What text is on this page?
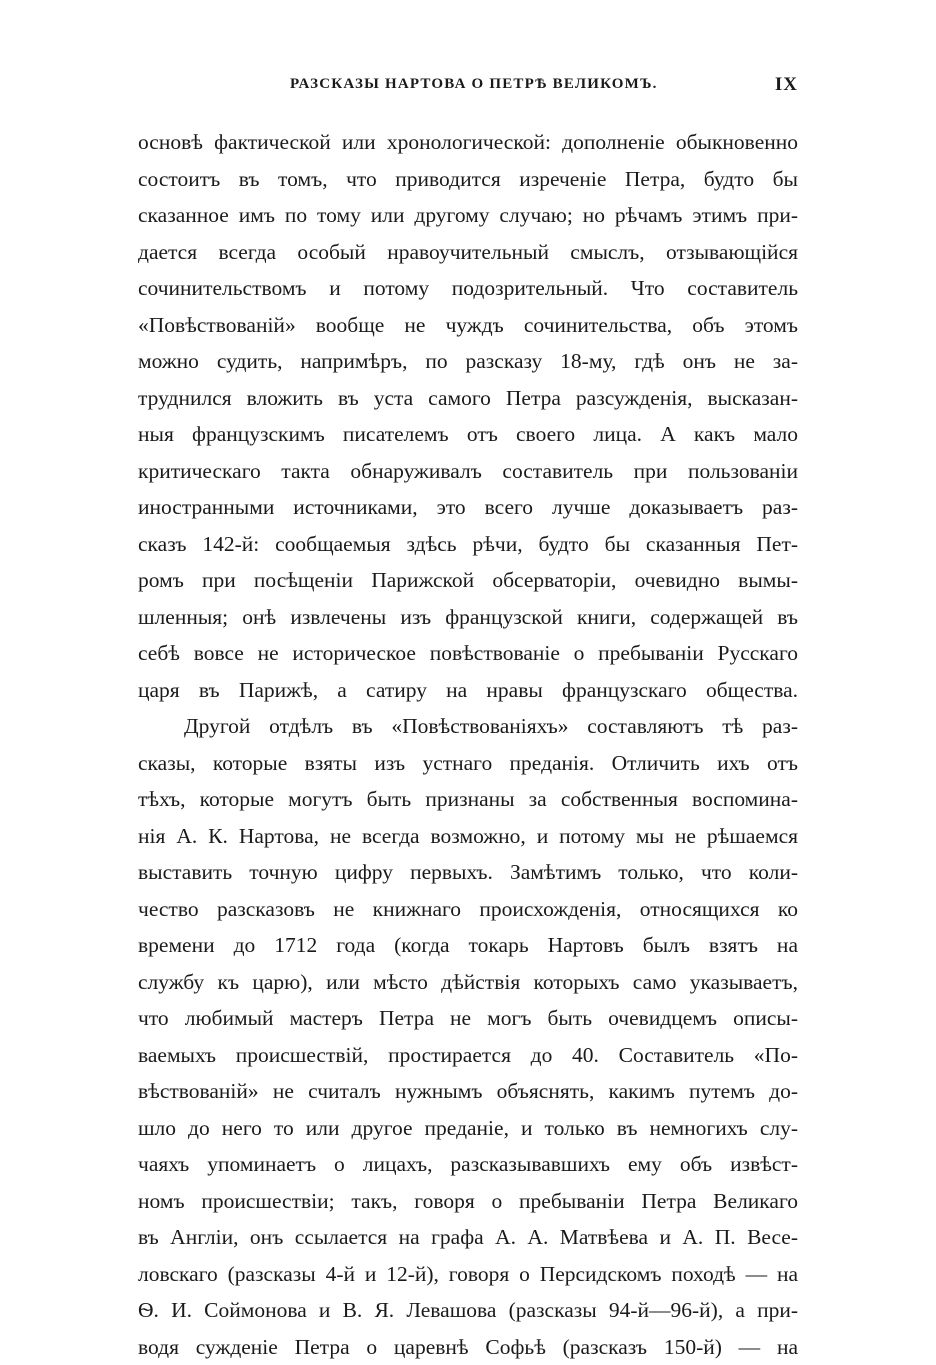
РАЗСКАЗЫ НАРТОВА О ПЕТРѢ ВЕЛИКОМЪ.	IX
основѣ фактической или хронологической: дополненіе обыкновенно
состоитъ въ томъ, что приводится изреченіе Петра, будто бы
сказанное имъ по тому или другому случаю; но рѣчамъ этимъ при-
дается всегда особый нравоучительный смыслъ, отзывающійся
сочинительствомъ и потому подозрительный. Что составитель
«Повѣствованій» вообще не чуждъ сочинительства, объ этомъ
можно судить, напримѣръ, по разсказу 18-му, гдѣ онъ не за-
труднился вложить въ уста самого Петра разсужденія, высказан-
ныя французскимъ писателемъ отъ своего лица. А какъ мало
критическаго такта обнаруживалъ составитель при пользованіи
иностранными источниками, это всего лучше доказываетъ раз-
сказъ 142-й: сообщаемыя здѣсь рѣчи, будто бы сказанныя Пет-
ромъ при посѣщеніи Парижской обсерваторіи, очевидно вымы-
шленныя; онѣ извлечены изъ французской книги, содержащей въ
себѣ вовсе не историческое повѣствованіе о пребываніи Русскаго
царя въ Парижѣ, а сатиру на нравы французскаго общества.
Другой отдѣлъ въ «Повѣствованіяхъ» составляютъ тѣ раз-
сказы, которые взяты изъ устнаго преданія. Отличить ихъ отъ
тѣхъ, которые могутъ быть признаны за собственныя воспомина-
нія А. К. Нартова, не всегда возможно, и потому мы не рѣшаемся
выставить точную цифру первыхъ. Замѣтимъ только, что коли-
чество разсказовъ не книжнаго происхожденія, относящихся ко
времени до 1712 года (когда токарь Нартовъ былъ взятъ на
службу къ царю), или мѣсто дѣйствія которыхъ само указываетъ,
что любимый мастеръ Петра не могъ быть очевидцемъ описы-
ваемыхъ происшествій, простирается до 40. Составитель «По-
вѣствованій» не считалъ нужнымъ объяснять, какимъ путемъ до-
шло до него то или другое преданіе, и только въ немногихъ слу-
чаяхъ упоминаетъ о лицахъ, разсказывавшихъ ему объ извѣст-
номъ происшествіи; такъ, говоря о пребываніи Петра Великаго
въ Англіи, онъ ссылается на графа А. А. Матвѣева и А. П. Весе-
ловскаго (разсказы 4-й и 12-й), говоря о Персидскомъ походѣ — на
Ѳ. И. Соймонова и В. Я. Левашова (разсказы 94-й—96-й), а при-
водя сужденіе Петра о царевнѣ Софьѣ (разсказъ 150-й) — на
